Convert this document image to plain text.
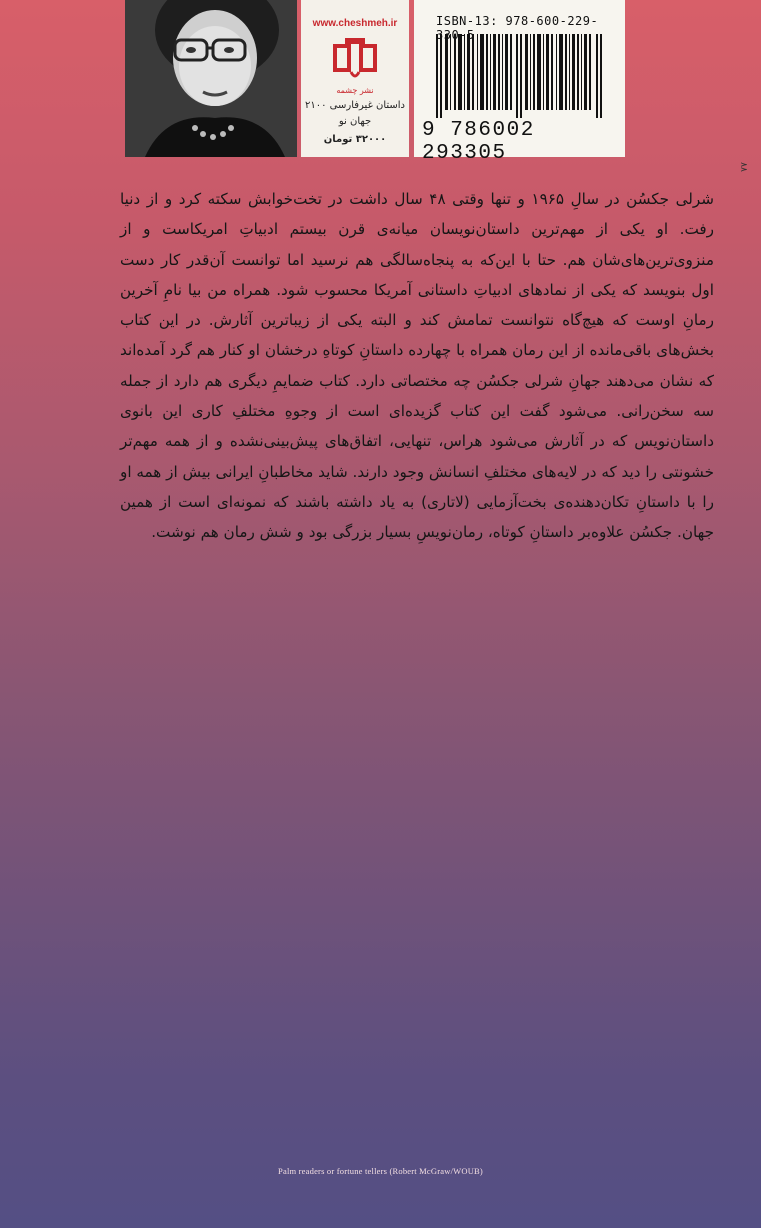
www.cheshmeh.ir
نشر چشمه
داستان غیرفارسی ۲۱۰۰
جهان نو
۳۲۰۰۰ تومان
ISBN-13: 978-600-229-330-5
9 786002 293305
۸۸
شرلی جکسُن در سالِ ۱۹۶۵ و تنها وقتی ۴۸ سال داشت در تخت‌خوابش سکته کرد و از دنیا رفت. او یکی از مهم‌ترین داستان‌نویسان میانه‌ی قرن بیستم ادبیاتِ امریکاست و از منزوی‌ترین‌های‌شان هم. حتا با این‌که به پنجاه‌سالگی هم نرسید اما توانست آن‌قدر کار دست اول بنویسد که یکی از نمادهای ادبیاتِ داستانی آمریکا محسوب شود. همراه من بیا نامِ آخرین رمانِ اوست که هیچ‌گاه نتوانست تمامش کند و البته یکی از زیباترین آثارش. در این کتاب بخش‌های باقی‌مانده از این رمان همراه با چهارده داستانِ کوتاهِ درخشان او کنار هم گرد آمده‌اند که نشان می‌دهند جهانِ شرلی جکسُن چه مختصاتی دارد. کتاب ضمایمِ دیگری هم دارد از جمله سه سخن‌رانی. می‌شود گفت این کتاب گزیده‌ای است از وجوهِ مختلفِ کاری این بانوی داستان‌نویس که در آثارش می‌شود هراس، تنهایی، اتفاق‌های پیش‌بینی‌نشده و از همه مهم‌تر خشونتی را دید که در لایه‌های مختلفِ انسانش وجود دارند. شاید مخاطبانِ ایرانی بیش از همه او را با داستانِ تکان‌دهنده‌ی بخت‌آزمایی (لاتاری) به یاد داشته باشند که نمونه‌ای است از همین جهان. جکسُن علاوه‌بر داستانِ کوتاه، رمان‌نویسِ بسیار بزرگی بود و شش رمان هم نوشت.
Palm readers or fortune tellers (Robert McGraw/WOUB)
